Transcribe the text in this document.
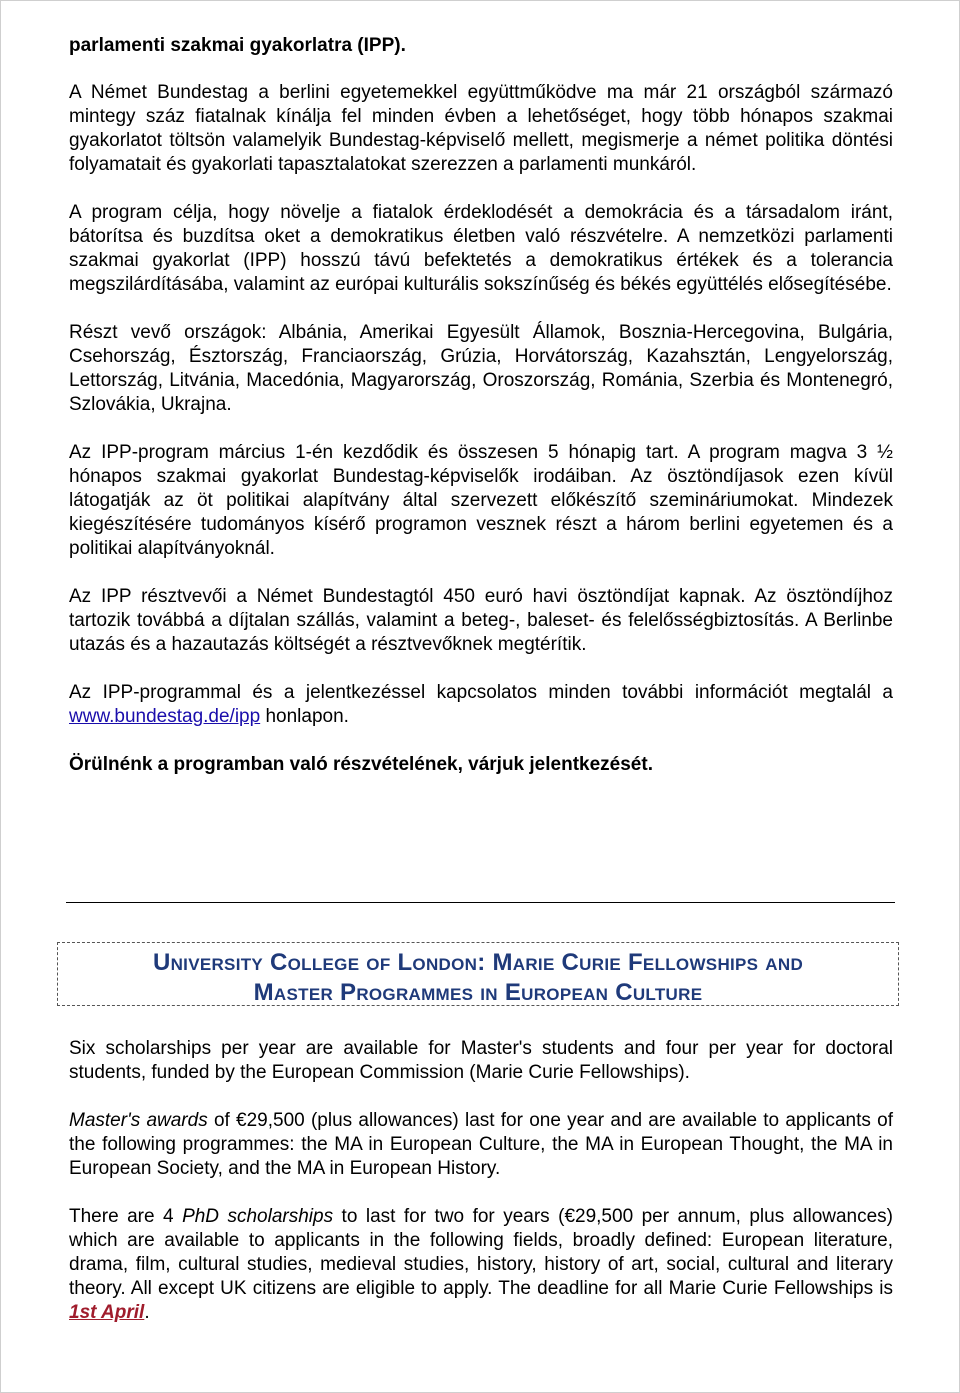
parlamenti szakmai gyakorlatra (IPP).

A Német Bundestag a berlini egyetemekkel együttműködve ma már 21 országból származó mintegy száz fiatalnak kínálja fel minden évben a lehetőséget, hogy több hónapos szakmai gyakorlatot töltsön valamelyik Bundestag-képviselő mellett, megismerje a német politika döntési folyamatait és gyakorlati tapasztalatokat szerezzen a parlamenti munkáról.

A program célja, hogy növelje a fiatalok érdeklodését a demokrácia és a társadalom iránt, bátorítsa és buzdítsa oket a demokratikus életben való részvételre. A nemzetközi parlamenti szakmai gyakorlat (IPP) hosszú távú befektetés a demokratikus értékek és a tolerancia megszilárdításába, valamint az európai kulturális sokszínűség és békés együttélés elősegítésébe.

Részt vevő országok: Albánia, Amerikai Egyesült Államok, Bosznia-Hercegovina, Bulgária, Csehország, Észtország, Franciaország, Grúzia, Horvátország, Kazahsztán, Lengyelország, Lettország, Litvánia, Macedónia, Magyarország, Oroszország, Románia, Szerbia és Montenegró, Szlovákia, Ukrajna.

Az IPP-program március 1-én kezdődik és összesen 5 hónapig tart. A program magva 3 ½ hónapos szakmai gyakorlat Bundestag-képviselők irodáiban. Az ösztöndíjasok ezen kívül látogatják az öt politikai alapítvány által szervezett előkészítő szemináriumokat. Mindezek kiegészítésére tudományos kísérő programon vesznek részt a három berlini egyetemen és a politikai alapítványoknál.

Az IPP résztvevői a Német Bundestagtól 450 euró havi ösztöndíjat kapnak. Az ösztöndíjhoz tartozik továbbá a díjtalan szállás, valamint a beteg-, baleset- és felelősségbiztosítás. A Berlinbe utazás és a hazautazás költségét a résztvevőknek megtérítik.

Az IPP-programmal és a jelentkezéssel kapcsolatos minden további információt megtalál a www.bundestag.de/ipp honlapon.

Örülnénk a programban való részvételének, várjuk jelentkezését.

University College of London: Marie Curie Fellowships and
Master Programmes in European Culture

Six scholarships per year are available for Master's students and four per year for doctoral students, funded by the European Commission (Marie Curie Fellowships).

Master's awards of €29,500 (plus allowances) last for one year and are available to applicants of the following programmes: the MA in European Culture, the MA in European Thought, the MA in European Society, and the MA in European History.

There are 4 PhD scholarships to last for two for years (€29,500 per annum, plus allowances) which are available to applicants in the following fields, broadly defined: European literature, drama, film, cultural studies, medieval studies, history, history of art, social, cultural and literary theory. All except UK citizens are eligible to apply. The deadline for all Marie Curie Fellowships is 1st April.
